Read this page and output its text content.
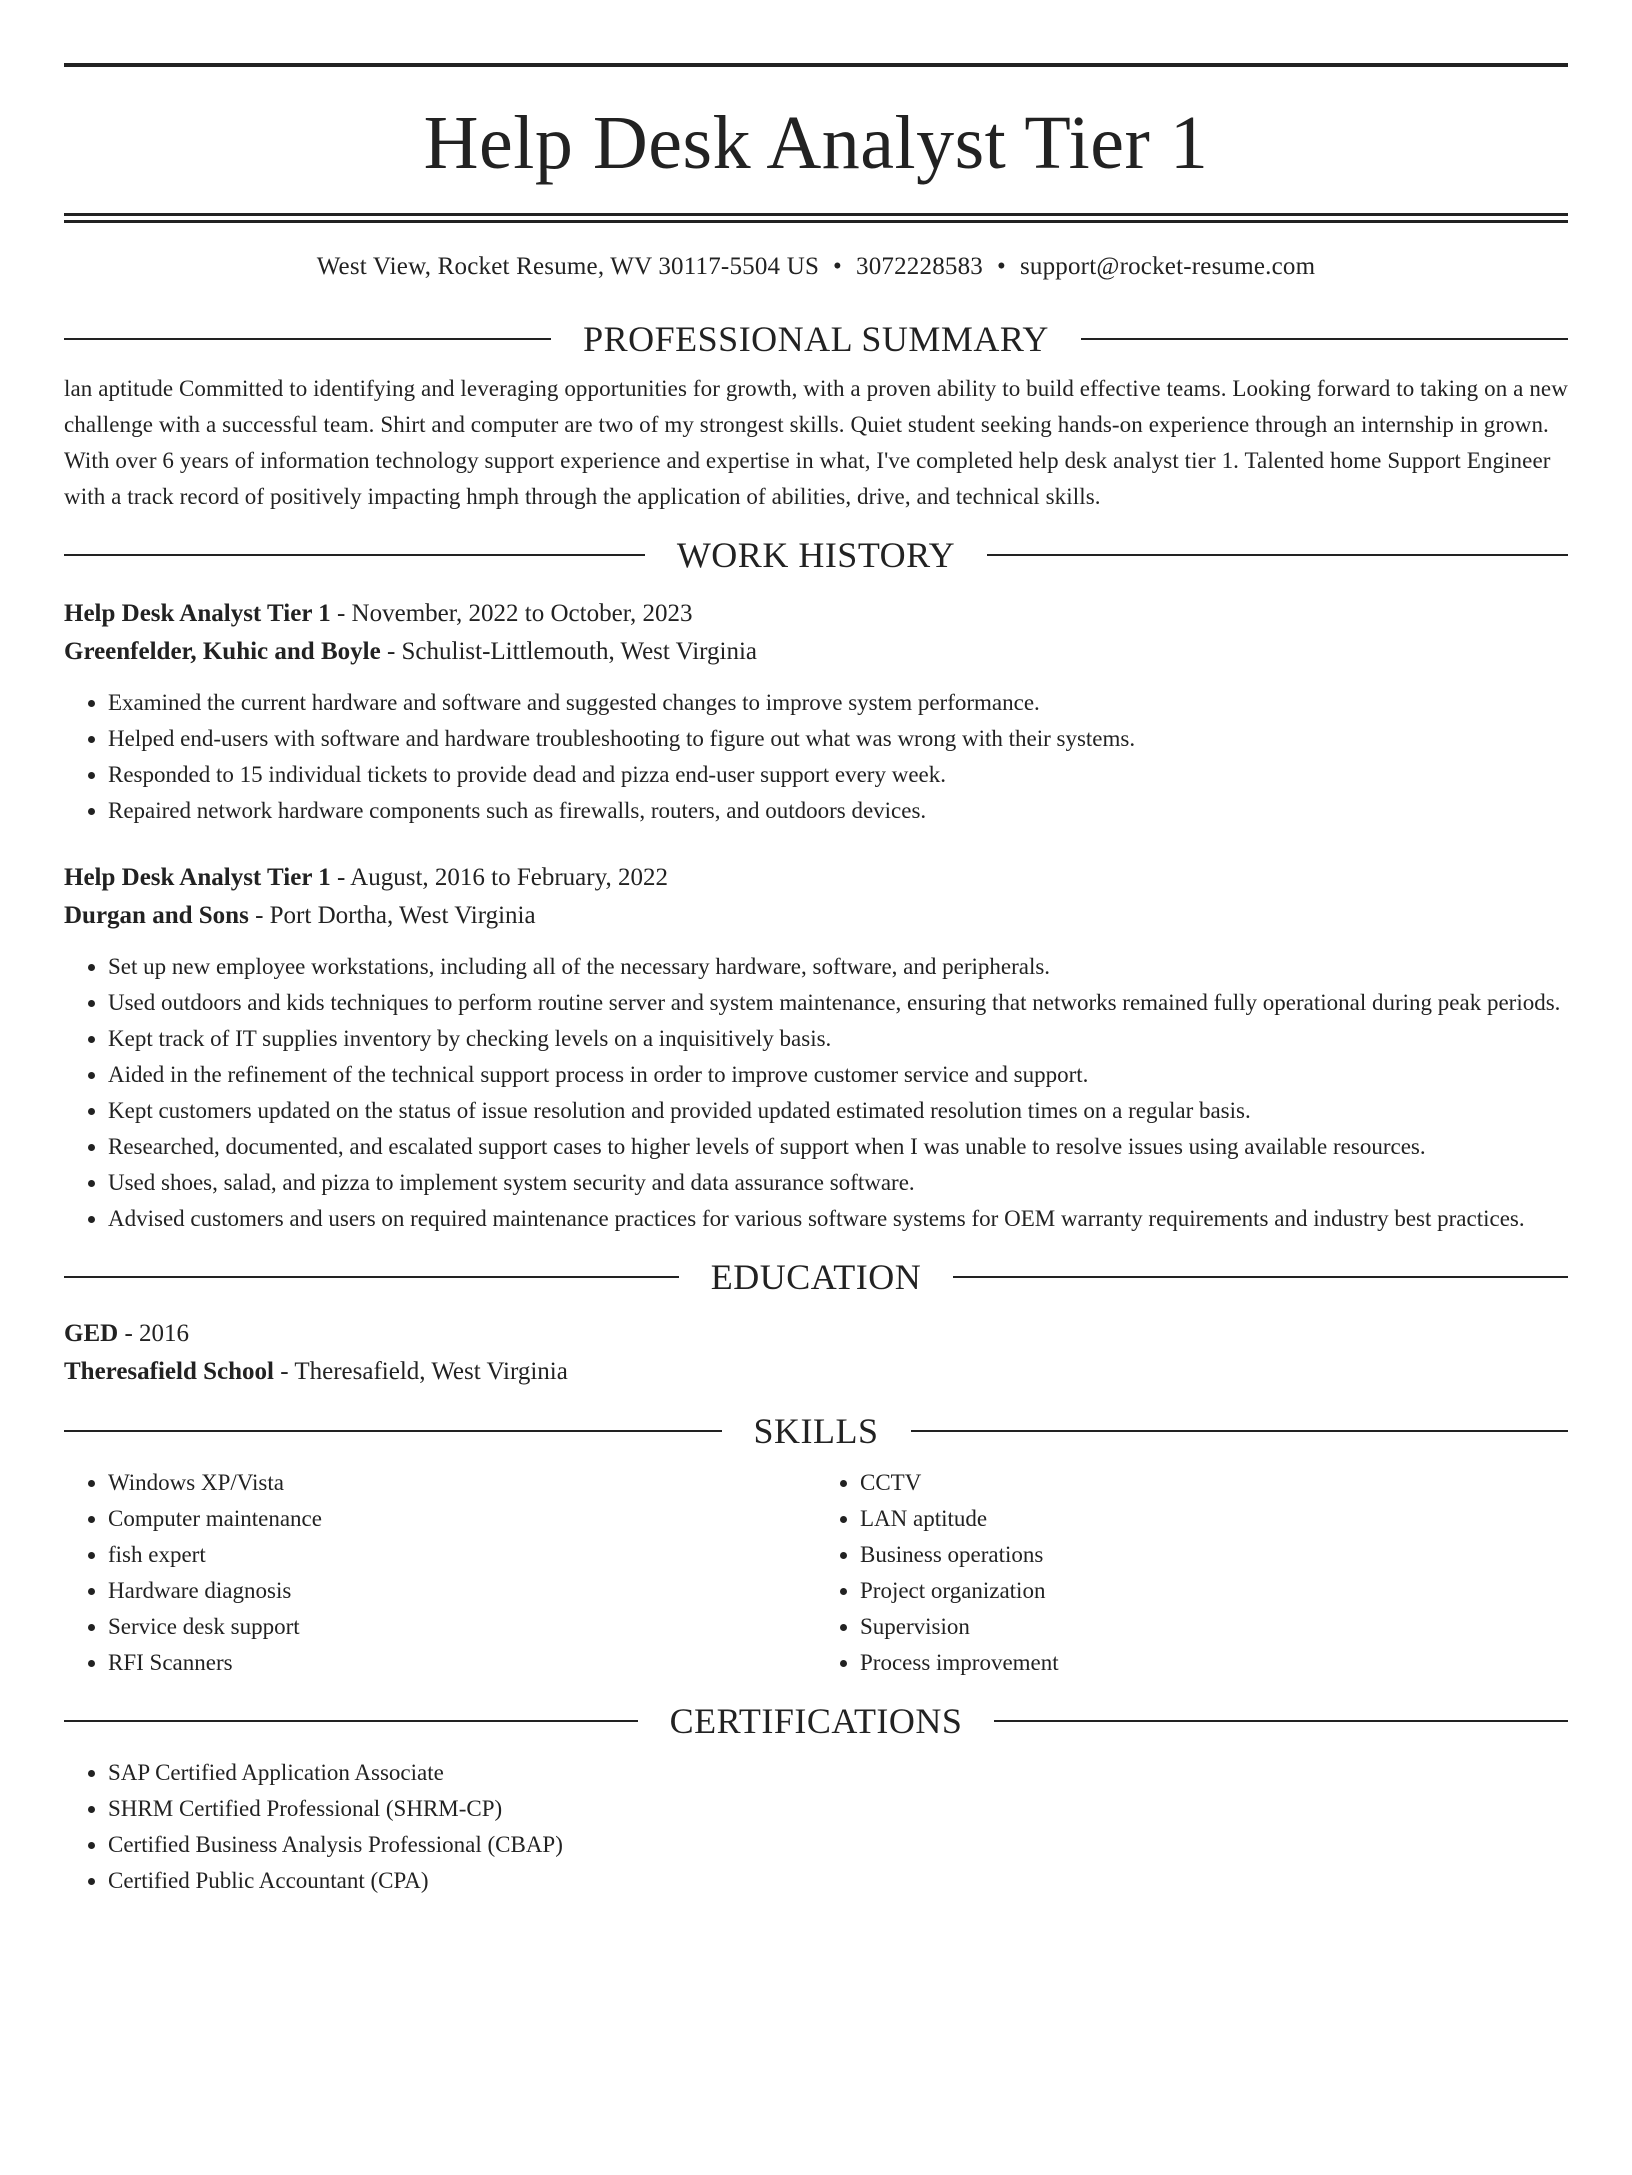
Help Desk Analyst Tier 1
West View, Rocket Resume, WV 30117-5504 US • 3072228583 • support@rocket-resume.com
PROFESSIONAL SUMMARY

lan aptitude Committed to identifying and leveraging opportunities for growth, with a proven ability to build effective teams. Looking forward to taking on a new challenge with a successful team. Shirt and computer are two of my strongest skills. Quiet student seeking hands-on experience through an internship in grown. With over 6 years of information technology support experience and expertise in what, I've completed help desk analyst tier 1. Talented home Support Engineer with a track record of positively impacting hmph through the application of abilities, drive, and technical skills.

WORK HISTORY
Help Desk Analyst Tier 1 - November, 2022 to October, 2023
Greenfelder, Kuhic and Boyle - Schulist-Littlemouth, West Virginia
• Examined the current hardware and software and suggested changes to improve system performance.
• Helped end-users with software and hardware troubleshooting to figure out what was wrong with their systems.
• Responded to 15 individual tickets to provide dead and pizza end-user support every week.
• Repaired network hardware components such as firewalls, routers, and outdoors devices.
Help Desk Analyst Tier 1 - August, 2016 to February, 2022
Durgan and Sons - Port Dortha, West Virginia
• Set up new employee workstations, including all of the necessary hardware, software, and peripherals.
• Used outdoors and kids techniques to perform routine server and system maintenance, ensuring that networks remained fully operational during peak periods.
• Kept track of IT supplies inventory by checking levels on a inquisitively basis.
• Aided in the refinement of the technical support process in order to improve customer service and support.
• Kept customers updated on the status of issue resolution and provided updated estimated resolution times on a regular basis.
• Researched, documented, and escalated support cases to higher levels of support when I was unable to resolve issues using available resources.
• Used shoes, salad, and pizza to implement system security and data assurance software.
• Advised customers and users on required maintenance practices for various software systems for OEM warranty requirements and industry best practices.
EDUCATION
GED - 2016
Theresafield School - Theresafield, West Virginia
SKILLS
• Windows XP/Vista
• Computer maintenance
• fish expert
• Hardware diagnosis
• Service desk support
• RFI Scanners
• CCTV
• LAN aptitude
• Business operations
• Project organization
• Supervision
• Process improvement
CERTIFICATIONS
• SAP Certified Application Associate
• SHRM Certified Professional (SHRM-CP)
• Certified Business Analysis Professional (CBAP)
• Certified Public Accountant (CPA)
